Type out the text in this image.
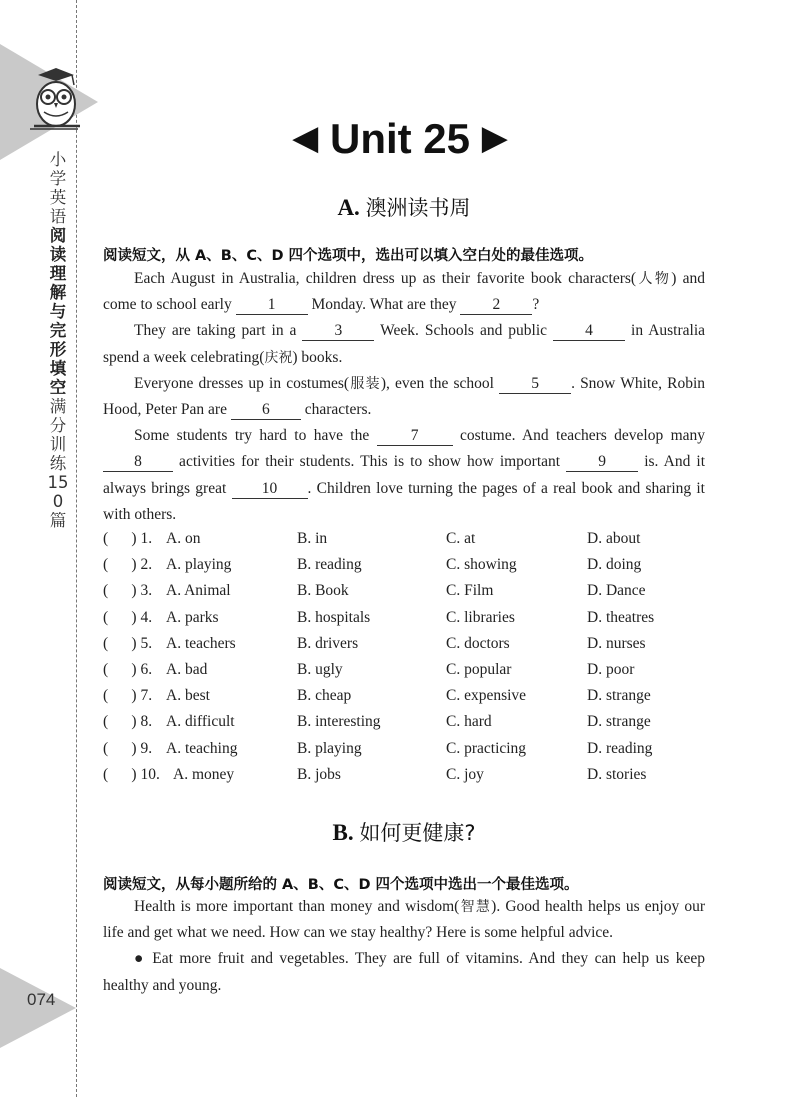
小学英语阅读理解与完形填空满分训练150篇
074
◀ Unit 25 ▶
A. 澳洲读书周
阅读短文，从 A、B、C、D 四个选项中，选出可以填入空白处的最佳选项。

Each August in Australia, children dress up as their favorite book characters(人物) and come to school early 1 Monday. What are they 2 ?

They are taking part in a 3 Week. Schools and public 4 in Australia spend a week celebrating(庆祝) books.

Everyone dresses up in costumes(服装), even the school 5 . Snow White, Robin Hood, Peter Pan are 6 characters.

Some students try hard to have the 7 costume. And teachers develop many 8 activities for their students. This is to show how important 9 is. And it always brings great 10 . Children love turning the pages of a real book and sharing it with others.

(      ) 1. A. on	B. in	C. at	D. about
(      ) 2. A. playing	B. reading	C. showing	D. doing
(      ) 3. A. Animal	B. Book	C. Film	D. Dance
(      ) 4. A. parks	B. hospitals	C. libraries	D. theatres
(      ) 5. A. teachers	B. drivers	C. doctors	D. nurses
(      ) 6. A. bad	B. ugly	C. popular	D. poor
(      ) 7. A. best	B. cheap	C. expensive	D. strange
(      ) 8. A. difficult	B. interesting	C. hard	D. strange
(      ) 9. A. teaching	B. playing	C. practicing	D. reading
(      ) 10. A. money	B. jobs	C. joy	D. stories
B. 如何更健康?
阅读短文，从每小题所给的 A、B、C、D 四个选项中选出一个最佳选项。

Health is more important than money and wisdom(智慧). Good health helps us enjoy our life and get what we need. How can we stay healthy? Here is some helpful advice.

● Eat more fruit and vegetables. They are full of vitamins. And they can help us keep healthy and young.
